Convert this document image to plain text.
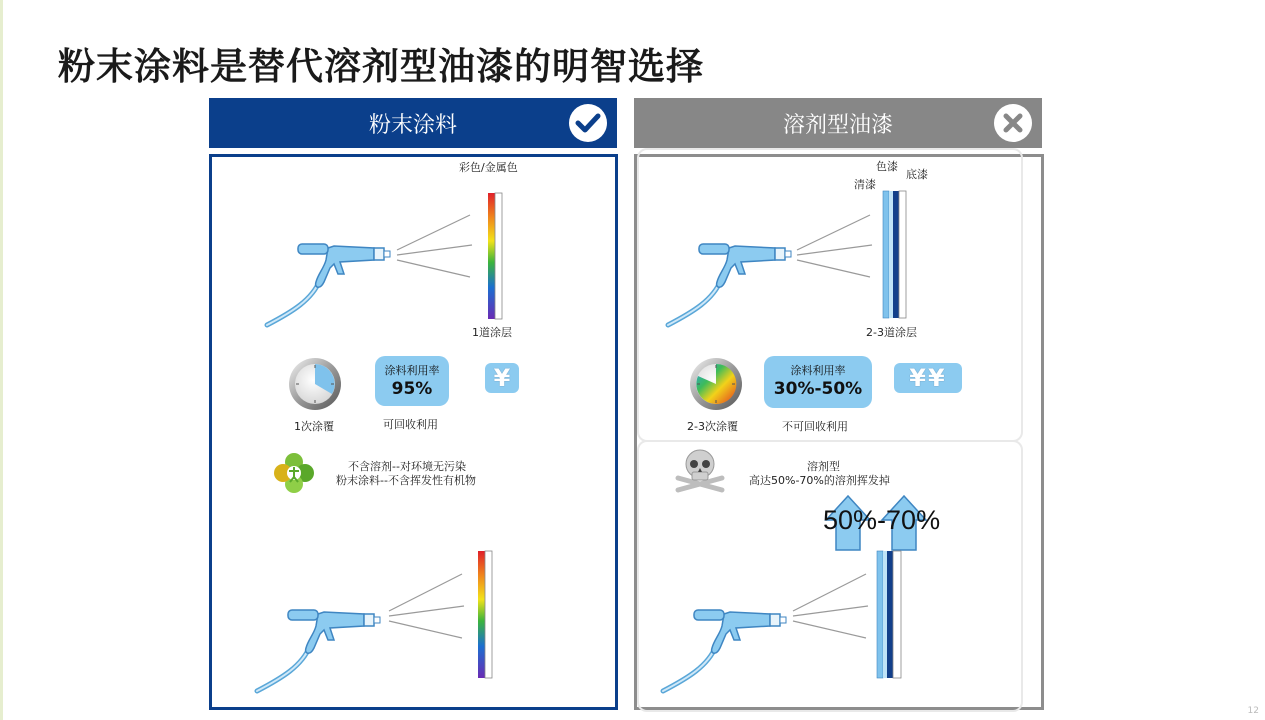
粉末涂料是替代溶剂型油漆的明智选择
粉末涂料	溶剂型油漆
彩色/金属色
1道涂层
1次涂覆
涂料利用率
95%
可回收利用
¥
不含溶剂--对环境无污染
粉末涂料--不含挥发性有机物
色漆
清漆
底漆
2-3道涂层
2-3次涂覆
涂料利用率
30%-50%
不可回收利用
¥¥
溶剂型
高达50%-70%的溶剂挥发掉
50%-70%
12
